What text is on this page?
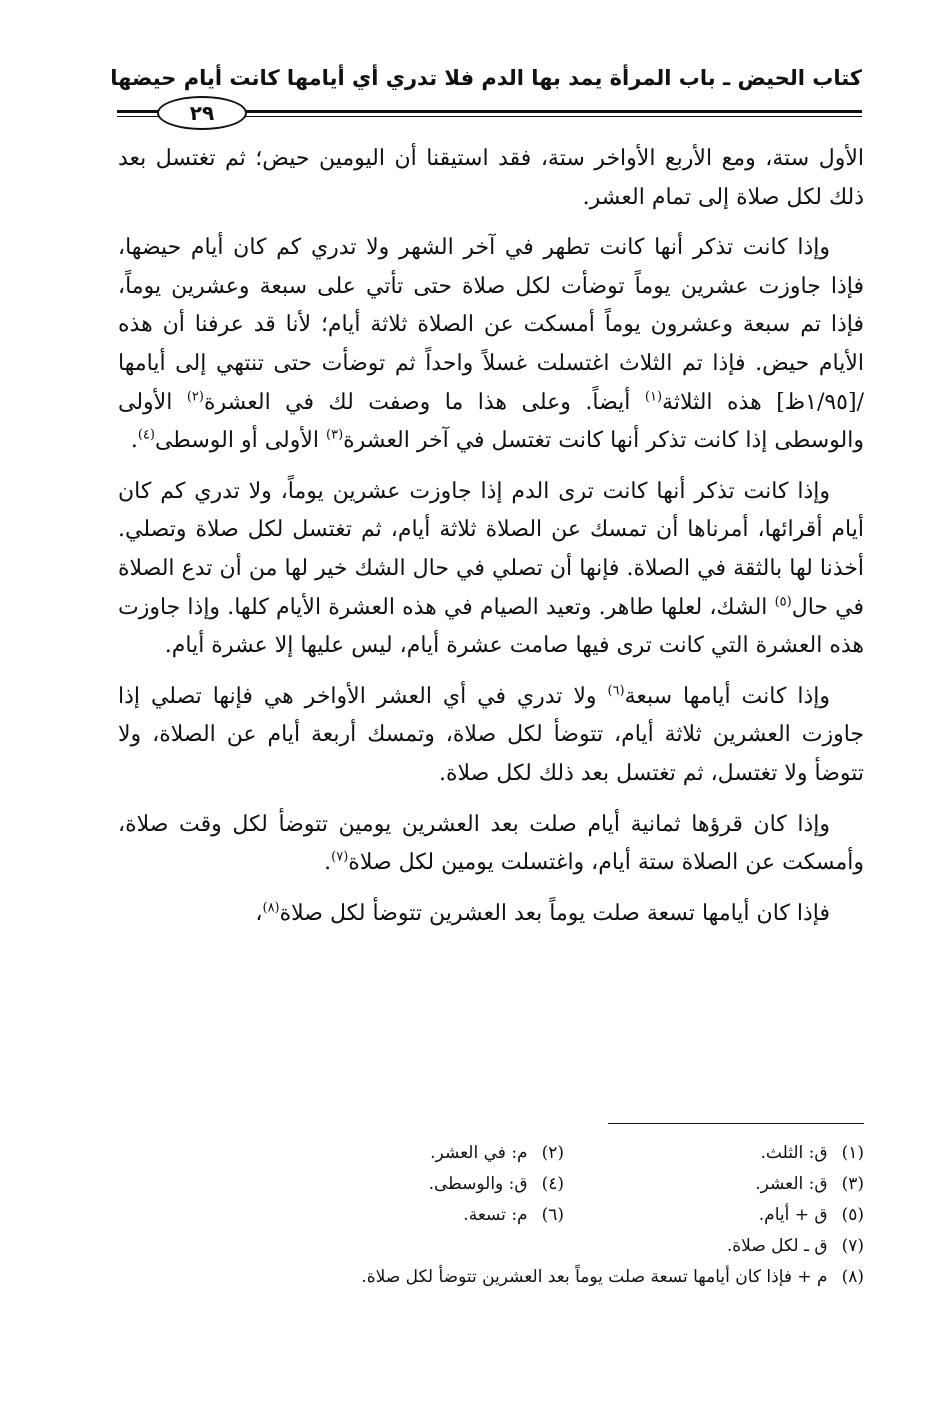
كتاب الحيض ـ باب المرأة يمد بها الدم فلا تدري أي أيامها كانت أيام حيضها
٢٩

الأول ستة، ومع الأربع الأواخر ستة، فقد استيقنا أن اليومين حيض؛ ثم تغتسل بعد ذلك لكل صلاة إلى تمام العشر.

وإذا كانت تذكر أنها كانت تطهر في آخر الشهر ولا تدري كم كان أيام حيضها، فإذا جاوزت عشرين يوماً توضأت لكل صلاة حتى تأتي على سبعة وعشرين يوماً، فإذا تم سبعة وعشرون يوماً أمسكت عن الصلاة ثلاثة أيام؛ لأنا قد عرفنا أن هذه الأيام حيض. فإذا تم الثلاث اغتسلت غسلاً واحداً ثم توضأت حتى تنتهي إلى أيامها /[١/٩٥ظ] هذه الثلاثة$^{(١)}$ أيضاً. وعلى هذا ما وصفت لك في العشرة$^{(٢)}$ الأولى والوسطى إذا كانت تذكر أنها كانت تغتسل في آخر العشرة$^{(٣)}$ الأولى أو الوسطى$^{(٤)}$.

وإذا كانت تذكر أنها كانت ترى الدم إذا جاوزت عشرين يوماً، ولا تدري كم كان أيام أقرائها، أمرناها أن تمسك عن الصلاة ثلاثة أيام، ثم تغتسل لكل صلاة وتصلي. أخذنا لها بالثقة في الصلاة. فإنها أن تصلي في حال الشك خير لها من أن تدع الصلاة في حال$^{(٥)}$ الشك، لعلها طاهر. وتعيد الصيام في هذه العشرة الأيام كلها. وإذا جاوزت هذه العشرة التي كانت ترى فيها صامت عشرة أيام، ليس عليها إلا عشرة أيام.

وإذا كانت أيامها سبعة$^{(٦)}$ ولا تدري في أي العشر الأواخر هي فإنها تصلي إذا جاوزت العشرين ثلاثة أيام، تتوضأ لكل صلاة، وتمسك أربعة أيام عن الصلاة، ولا تتوضأ ولا تغتسل، ثم تغتسل بعد ذلك لكل صلاة.

وإذا كان قرؤها ثمانية أيام صلت بعد العشرين يومين تتوضأ لكل وقت صلاة، وأمسكت عن الصلاة ستة أيام، واغتسلت يومين لكل صلاة$^{(٧)}$.

فإذا كان أيامها تسعة صلت يوماً بعد العشرين تتوضأ لكل صلاة$^{(٨)}$،

(١)ق: الثلث.
(٢)م: في العشر.
(٣)ق: العشر.
(٤)ق: والوسطى.
(٥)ق + أيام.
(٦)م: تسعة.
(٧)ق ـ لكل صلاة.
(٨)م + فإذا كان أيامها تسعة صلت يوماً بعد العشرين تتوضأ لكل صلاة.
